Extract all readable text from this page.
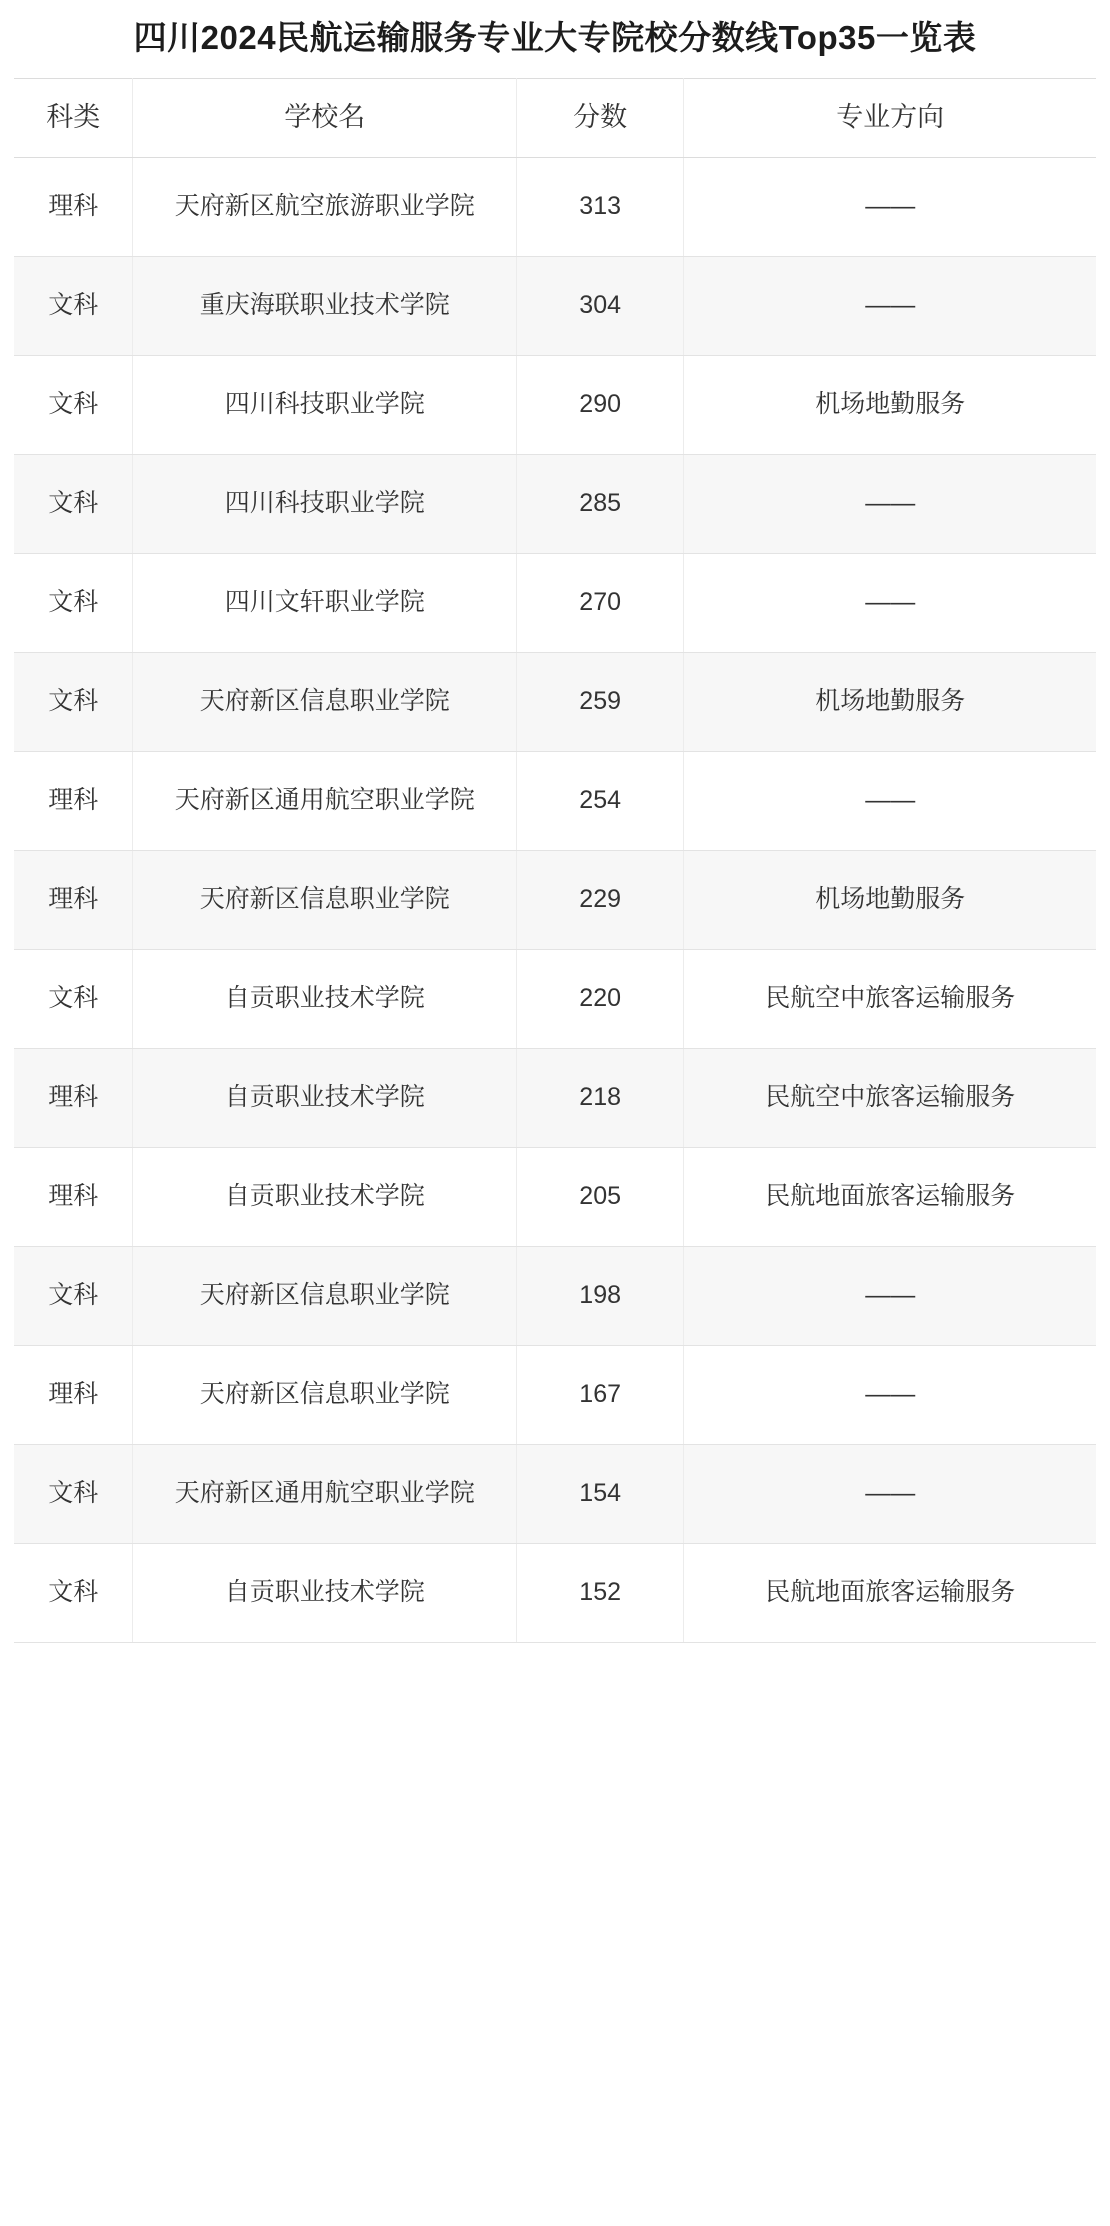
四川2024民航运输服务专业大专院校分数线Top35一览表
科类	学校名	分数	专业方向
理科	天府新区航空旅游职业学院	313	——
文科	重庆海联职业技术学院	304	——
文科	四川科技职业学院	290	机场地勤服务
文科	四川科技职业学院	285	——
文科	四川文轩职业学院	270	——
文科	天府新区信息职业学院	259	机场地勤服务
理科	天府新区通用航空职业学院	254	——
理科	天府新区信息职业学院	229	机场地勤服务
文科	自贡职业技术学院	220	民航空中旅客运输服务
理科	自贡职业技术学院	218	民航空中旅客运输服务
理科	自贡职业技术学院	205	民航地面旅客运输服务
文科	天府新区信息职业学院	198	——
理科	天府新区信息职业学院	167	——
文科	天府新区通用航空职业学院	154	——
文科	自贡职业技术学院	152	民航地面旅客运输服务
